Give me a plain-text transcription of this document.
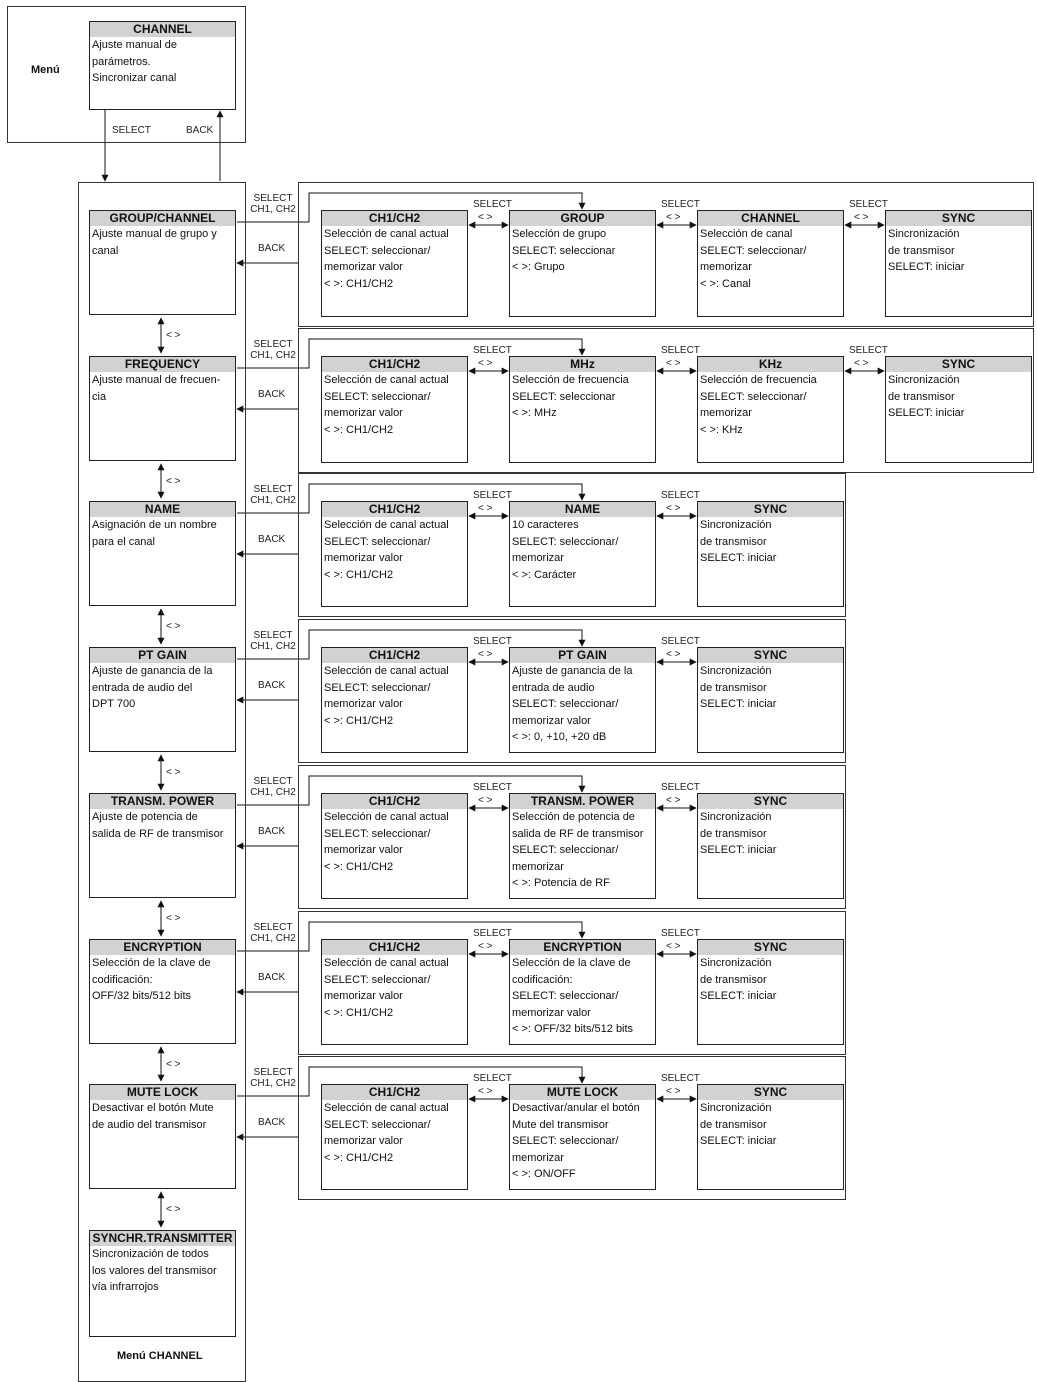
Menú
CHANNEL
Ajuste manual de
parámetros.
Sincronizar canal
SELECT	BACK
Menú CHANNEL
GROUP/CHANNEL
Ajuste manual de grupo y
canal
< >
FREQUENCY
Ajuste manual de frecuen-
cia
< >
NAME
Asignación de un nombre
para el canal
< >
PT GAIN
Ajuste de ganancia de la
entrada de audio del
DPT 700
< >
TRANSM. POWER
Ajuste de potencia de
salida de RF de transmisor
< >
ENCRYPTION
Selección de la clave de
codificación:
OFF/32 bits/512 bits
< >
MUTE LOCK
Desactivar el botón Mute
de audio del transmisor
< >
SYNCHR.TRANSMITTER
Sincronización de todos
los valores del transmisor
vía infrarrojos
CH1/CH2
Selección de canal actual
SELECT: seleccionar/
memorizar valor
< >: CH1/CH2
GROUP
Selección de grupo
SELECT: seleccionar
< >: Grupo
SELECT
< >	CHANNEL
Selección de canal
SELECT: seleccionar/
memorizar
< >: Canal
SELECT
< >	SYNC
Sincronización
de transmisor
SELECT: iniciar
SELECT
< >
SELECT
CH1, CH2
BACK
CH1/CH2
Selección de canal actual
SELECT: seleccionar/
memorizar valor
< >: CH1/CH2
MHz
Selección de frecuencia
SELECT: seleccionar
< >: MHz
SELECT
< >	KHz
Selección de frecuencia
SELECT: seleccionar/
memorizar
< >: KHz
SELECT
< >	SYNC
Sincronización
de transmisor
SELECT: iniciar
SELECT
< >
SELECT
CH1, CH2
BACK
CH1/CH2
Selección de canal actual
SELECT: seleccionar/
memorizar valor
< >: CH1/CH2
NAME
10 caracteres
SELECT: seleccionar/
memorizar
< >: Carácter
SELECT
< >	SYNC
Sincronización
de transmisor
SELECT: iniciar
SELECT
< >
SELECT
CH1, CH2
BACK
CH1/CH2
Selección de canal actual
SELECT: seleccionar/
memorizar valor
< >: CH1/CH2
PT GAIN
Ajuste de ganancia de la
entrada de audio
SELECT: seleccionar/
memorizar valor
< >: 0, +10, +20 dB
SELECT
< >	SYNC
Sincronización
de transmisor
SELECT: iniciar
SELECT
< >
SELECT
CH1, CH2
BACK
CH1/CH2
Selección de canal actual
SELECT: seleccionar/
memorizar valor
< >: CH1/CH2
TRANSM. POWER
Selección de potencia de
salida de RF de transmisor
SELECT: seleccionar/
memorizar
< >: Potencia de RF
SELECT
< >	SYNC
Sincronización
de transmisor
SELECT: iniciar
SELECT
< >
SELECT
CH1, CH2
BACK
CH1/CH2
Selección de canal actual
SELECT: seleccionar/
memorizar valor
< >: CH1/CH2
ENCRYPTION
Selección de la clave de
codificación:
SELECT: seleccionar/
memorizar valor
< >: OFF/32 bits/512 bits
SELECT
< >	SYNC
Sincronización
de transmisor
SELECT: iniciar
SELECT
< >
SELECT
CH1, CH2
BACK
CH1/CH2
Selección de canal actual
SELECT: seleccionar/
memorizar valor
< >: CH1/CH2
MUTE LOCK
Desactivar/anular el botón
Mute del transmisor
SELECT: seleccionar/
memorizar
< >: ON/OFF
SELECT
< >	SYNC
Sincronización
de transmisor
SELECT: iniciar
SELECT
< >
SELECT
CH1, CH2
BACK
